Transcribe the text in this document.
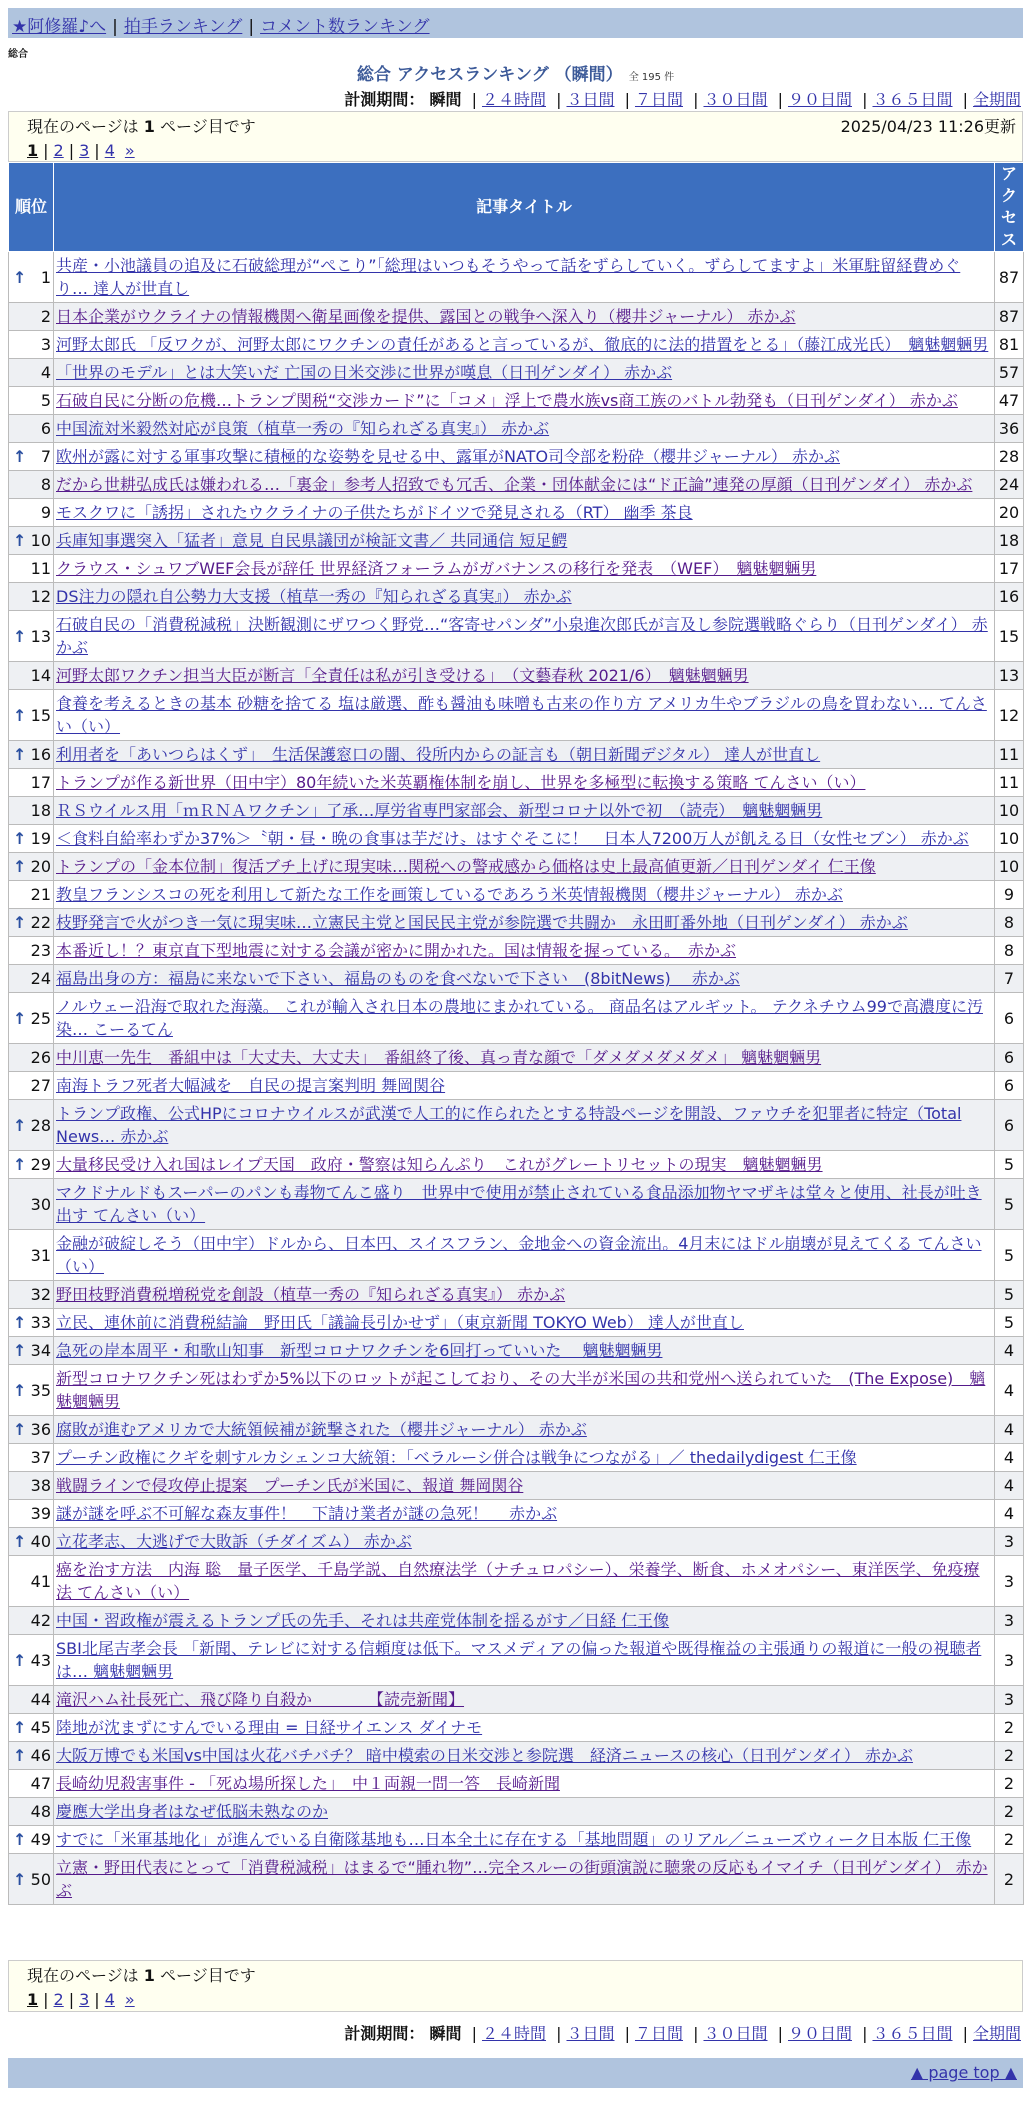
★阿修羅♪へ | 拍手ランキング | コメント数ランキング
総合
総合 アクセスランキング （瞬間） 全 195 件
計測期間： 瞬間 | ２４時間 | ３日間 | ７日間 | ３０日間 | ９０日間 | ３６５日間 | 全期間
現在のページは 1 ページ目です	2025/04/23 11:26更新
1 | 2 | 3 | 4 »
順位	記事タイトル	アクセス

↑ 1	共産・小池議員の追及に石破総理が“ぺこり”「総理はいつもそうやって話をずらしていく。ずらしてますよ」米軍駐留経費めぐり… 達人が世直し	87
2	日本企業がウクライナの情報機関へ衛星画像を提供、露国との戦争へ深入り（櫻井ジャーナル） 赤かぶ	87
3	河野太郎氏 「反ワクが、河野太郎にワクチンの責任があると言っているが、徹底的に法的措置をとる」（藤江成光氏）　魑魅魍魎男	81
4	「世界のモデル」とは大笑いだ 亡国の日米交渉に世界が嘆息（日刊ゲンダイ） 赤かぶ	57
5	石破自民に分断の危機…トランプ関税“交渉カード”に「コメ」浮上で農水族vs商工族のバトル勃発も（日刊ゲンダイ） 赤かぶ	47
6	中国流対米毅然対応が良策（植草一秀の『知られざる真実』） 赤かぶ	36

↑ 7	欧州が露に対する軍事攻撃に積極的な姿勢を見せる中、露軍がNATO司令部を粉砕（櫻井ジャーナル） 赤かぶ	28
8	だから世耕弘成氏は嫌われる…「裏金」参考人招致でも冗舌、企業・団体献金には“ド正論”連発の厚顔（日刊ゲンダイ） 赤かぶ	24
9	モスクワに「誘拐」されたウクライナの子供たちがドイツで発見される（RT） 幽季 茶良	20

↑ 10	兵庫知事選突入「猛者」意見 自民県議団が検証文書／ 共同通信 短足鰐	18
11	クラウス・シュワブWEF会長が辞任 世界経済フォーラムがガバナンスの移行を発表　（WEF）　魑魅魍魎男	17
12	DS注力の隠れ自公勢力大支援（植草一秀の『知られざる真実』） 赤かぶ	16

↑ 13	石破自民の「消費税減税」決断観測にザワつく野党…“客寄せパンダ”小泉進次郎氏が言及し参院選戦略ぐらり（日刊ゲンダイ） 赤かぶ	15
14	河野太郎ワクチン担当大臣が断言「全責任は私が引き受ける」　（文藝春秋 2021/6）　魑魅魍魎男	13

↑ 15	食養を考えるときの基本 砂糖を捨てる 塩は厳選、酢も醤油も味噌も古来の作り方 アメリカ牛やブラジルの鳥を買わない… てんさい（い）	12

↑ 16	利用者を「あいつらはくず」　生活保護窓口の闇、役所内からの証言も（朝日新聞デジタル） 達人が世直し	11
17	トランプが作る新世界（田中宇）80年続いた米英覇権体制を崩し、世界を多極型に転換する策略 てんさい（い）	11
18	ＲＳウイルス用「ｍＲＮＡワクチン」了承…厚労省専門家部会、新型コロナ以外で初　（読売）　魑魅魍魎男	10

↑ 19	＜食料自給率わずか37%＞〝朝・昼・晩の食事は芋だけ〟はすぐそこに！　日本人7200万人が飢える日（女性セブン） 赤かぶ	10

↑ 20	トランプの「金本位制」復活ブチ上げに現実味…関税への警戒感から価格は史上最高値更新／日刊ゲンダイ 仁王像	10
21	教皇フランシスコの死を利用して新たな工作を画策しているであろう米英情報機関（櫻井ジャーナル） 赤かぶ	9

↑ 22	枝野発言で火がつき一気に現実味…立憲民主党と国民民主党が参院選で共闘か　永田町番外地（日刊ゲンダイ） 赤かぶ	8
23	本番近し！？東京直下型地震に対する会議が密かに開かれた。国は情報を握っている。　赤かぶ	8
24	福島出身の方：福島に来ないで下さい、福島のものを食べないで下さい　(8bitNews)　 赤かぶ	7

↑ 25	ノルウェー沿海で取れた海藻。 これが輸入され日本の農地にまかれている。 商品名はアルギット。 テクネチウム99で高濃度に汚染… こーるてん	6
26	中川恵一先生　番組中は「大丈夫、大丈夫」　番組終了後、真っ青な顔で「ダメダメダメダメ」 魑魅魍魎男	6
27	南海トラフ死者大幅減を　自民の提言案判明 舞岡関谷	6

↑ 28	トランプ政権、公式HPにコロナウイルスが武漢で人工的に作られたとする特設ページを開設、ファウチを犯罪者に特定（Total News… 赤かぶ	6

↑ 29	大量移民受け入れ国はレイプ天国　政府・警察は知らんぷり　これがグレートリセットの現実　魑魅魍魎男	5
30	マクドナルドもスーパーのパンも毒物てんこ盛り　世界中で使用が禁止されている食品添加物ヤマザキは堂々と使用、社長が吐き出す てんさい（い）	5
31	金融が破綻しそう（田中宇）ドルから、日本円、スイスフラン、金地金への資金流出。4月末にはドル崩壊が見えてくる てんさい（い）	5
32	野田枝野消費税増税党を創設（植草一秀の『知られざる真実』） 赤かぶ	5

↑ 33	立民、連休前に消費税結論　野田氏「議論長引かせず」（東京新聞 TOKYO Web） 達人が世直し	5

↑ 34	急死の岸本周平・和歌山知事　新型コロナワクチンを6回打っていいた　 魑魅魍魎男	4

↑ 35	新型コロナワクチン死はわずか5%以下のロットが起こしており、その大半が米国の共和党州へ送られていた　(The Expose)　魑魅魍魎男	4

↑ 36	腐敗が進むアメリカで大統領候補が銃撃された（櫻井ジャーナル） 赤かぶ	4
37	プーチン政権にクギを刺すルカシェンコ大統領：「ベラルーシ併合は戦争につながる」／ thedailydigest 仁王像	4
38	戦闘ラインで侵攻停止提案　プーチン氏が米国に、報道 舞岡関谷	4
39	謎が謎を呼ぶ不可解な森友事件！　下請け業者が謎の急死！　 赤かぶ	4

↑ 40	立花孝志、大逃げで大敗訴（チダイズム） 赤かぶ	3
41	癌を治す方法　内海 聡　量子医学、千島学説、自然療法学（ナチュロパシー）、栄養学、断食、ホメオパシー、東洋医学、免疫療法 てんさい（い）	3
42	中国・習政権が震えるトランプ氏の先手、それは共産党体制を揺るがす／日経 仁王像	3

↑ 43	SBI北尾吉孝会長 「新聞、テレビに対する信頼度は低下。マスメディアの偏った報道や既得権益の主張通りの報道に一般の視聴者は… 魑魅魍魎男	3
44	滝沢ハム社長死亡、飛び降り自殺か　　　　【読売新聞】	3

↑ 45	陸地が沈まずにすんでいる理由 = 日経サイエンス ダイナモ	2

↑ 46	大阪万博でも米国vs中国は火花バチバチ？ 暗中模索の日米交渉と参院選　経済ニュースの核心（日刊ゲンダイ） 赤かぶ	2
47	長崎幼児殺害事件 - 「死ぬ場所探した」　中１両親一問一答　長崎新聞	2
48	慶應大学出身者はなぜ低脳未熟なのか	2

↑ 49	すでに「米軍基地化」が進んでいる自衛隊基地も…日本全土に存在する「基地問題」のリアル／ニューズウィーク日本版 仁王像	2

↑ 50	立憲・野田代表にとって「消費税減税」はまるで“腫れ物”…完全スルーの街頭演説に聴衆の反応もイマイチ（日刊ゲンダイ） 赤かぶ	2
現在のページは 1 ページ目です
1 | 2 | 3 | 4 »
計測期間： 瞬間 | ２４時間 | ３日間 | ７日間 | ３０日間 | ９０日間 | ３６５日間 | 全期間
▲ page top ▲
